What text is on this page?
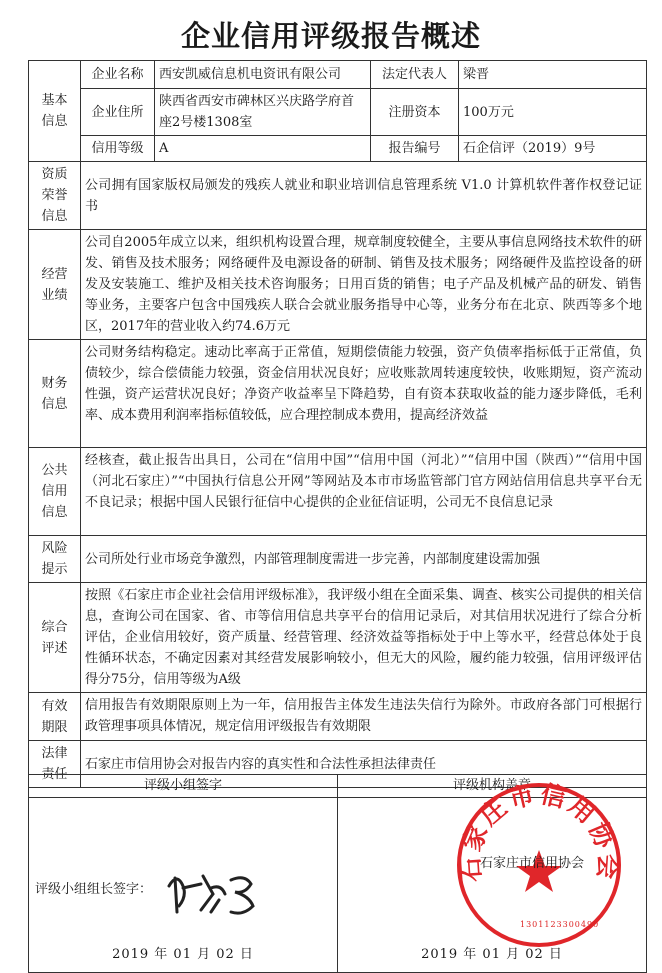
企业信用评级报告概述
基本
信息	企业名称	西安凯威信息机电资讯有限公司	法定代表人	梁晋
	企业住所	陕西省西安市碑林区兴庆路学府首座2号楼1308室	注册资本	100万元
	信用等级	A	报告编号	石企信评（2019）9号
资质
荣誉
信息	公司拥有国家版权局颁发的残疾人就业和职业培训信息管理系统 V1.0 计算机软件著作权登记证书			
经营
业绩	公司自2005年成立以来，组织机构设置合理，规章制度较健全，主要从事信息网络技术软件的研发、销售及技术服务；网络硬件及电源设备的研制、销售及技术服务；网络硬件及监控设备的研发及安装施工、维护及相关技术咨询服务；日用百货的销售；电子产品及机械产品的研发、销售等业务，主要客户包含中国残疾人联合会就业服务指导中心等，业务分布在北京、陕西等多个地区，2017年的营业收入约74.6万元			
财务
信息	公司财务结构稳定。速动比率高于正常值，短期偿债能力较强，资产负债率指标低于正常值，负债较少，综合偿债能力较强，资金信用状况良好；应收账款周转速度较快，收账期短，资产流动性强，资产运营状况良好；净资产收益率呈下降趋势，自有资本获取收益的能力逐步降低，毛利率、成本费用利润率指标值较低，应合理控制成本费用，提高经济效益			
公共
信用
信息	经核查，截止报告出具日，公司在“信用中国”“信用中国（河北）”“信用中国（陕西）”“信用中国（河北石家庄）”“中国执行信息公开网”等网站及本市市场监管部门官方网站信用信息共享平台无不良记录；根据中国人民银行征信中心提供的企业征信证明，公司无不良信息记录			
风险
提示	公司所处行业市场竞争激烈，内部管理制度需进一步完善，内部制度建设需加强			
综合
评述	按照《石家庄市企业社会信用评级标准》，我评级小组在全面采集、调查、核实公司提供的相关信息，查询公司在国家、省、市等信用信息共享平台的信用记录后，对其信用状况进行了综合分析评估，企业信用较好，资产质量、经营管理、经济效益等指标处于中上等水平，经营总体处于良性循环状态，不确定因素对其经营发展影响较小，但无大的风险，履约能力较强，信用评级评估得分75分，信用等级为A级			
有效
期限	信用报告有效期限原则上为一年，信用报告主体发生违法失信行为除外。市政府各部门可根据行政管理事项具体情况，规定信用评级报告有效期限			
法律
责任	石家庄市信用协会对报告内容的真实性和合法性承担法律责任			
评级小组签字	评级机构盖章

评级小组组长签字：
2019 年 01 月 02 日	2019 年 01 月 02 日
石家庄市信用协会
石家庄市信用协会
1301123300490
